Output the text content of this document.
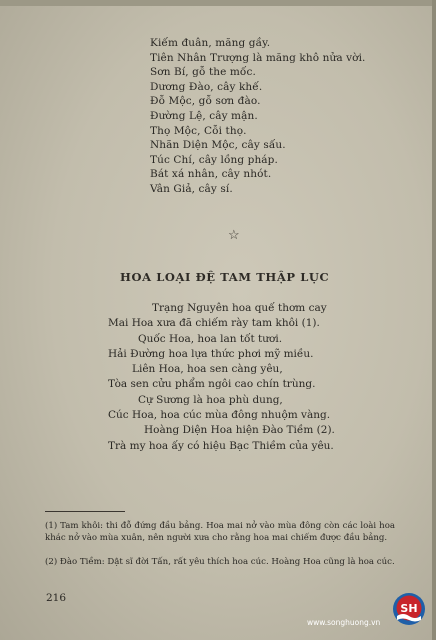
Kiếm đuân, măng gầy.
Tiên Nhân Trượng là măng khô nửa vời.
Sơn Bí, gỗ the mốc.
Dương Đào, cây khế.
Đỗ Mộc, gỗ sơn đào.
Đường Lệ, cây mận.
Thọ Mộc, Cỗi thọ.
Nhãn Diện Mộc, cây sấu.
Túc Chí, cây lồng pháp.
Bát xá nhân, cây nhót.
Vân Giả, cây sí.
☆
HOA LOẠI ĐỆ TAM THẬP LỤC
Trạng Nguyên hoa quế thơm cay
Mai Hoa xưa đã chiếm rày tam khôi (1).
Quốc Hoa, hoa lan tốt tươi.
Hải Đường hoa lựa thức phơi mỹ miều.
Liên Hoa, hoa sen càng yêu,
Tòa sen cửu phẩm ngôi cao chín trùng.
Cự Sương là hoa phù dung,
Cúc Hoa, hoa cúc mùa đông nhuộm vàng.
Hoàng Diện Hoa hiện Đào Tiềm (2).
Trà my hoa ấy có hiệu Bạc Thiềm của yêu.
(1) Tam khôi: thi đỗ đứng đầu bảng. Hoa mai nở vào mùa đông còn các loài hoa khác nở vào mùa xuân, nên người xưa cho rằng hoa mai chiếm được đầu bảng.
(2) Đào Tiềm: Dật sĩ đời Tấn, rất yêu thích hoa cúc. Hoàng Hoa cũng là hoa cúc.
216
SH
www.songhuong.vn
